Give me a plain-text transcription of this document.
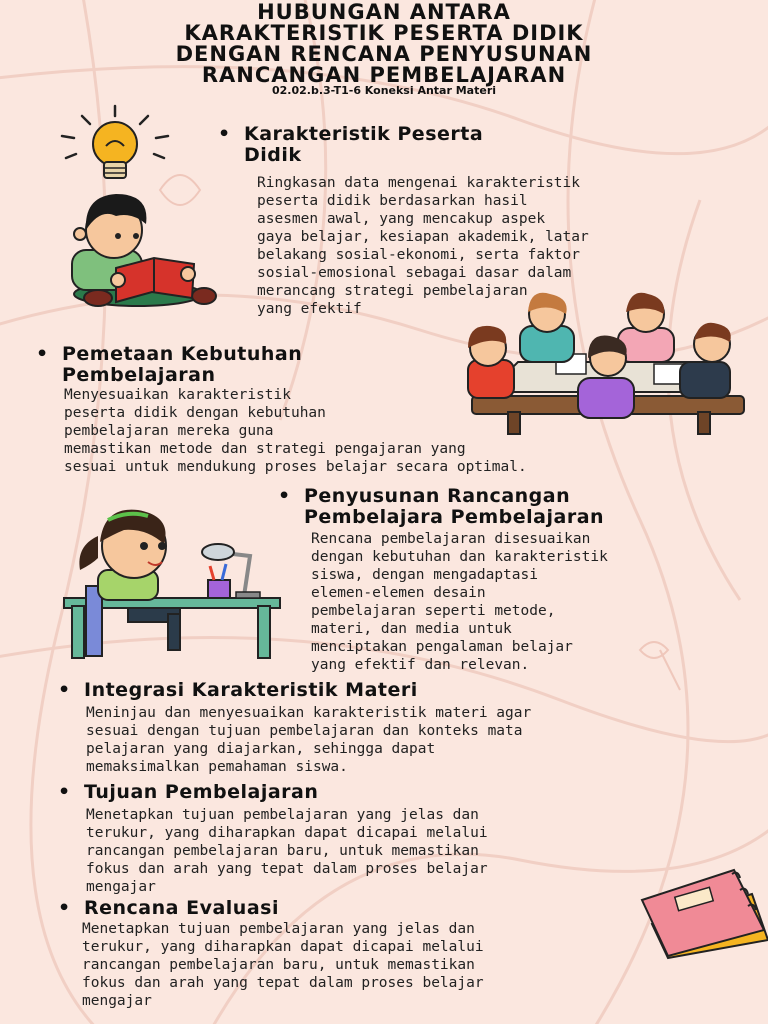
HUBUNGAN ANTARA
KARAKTERISTIK PESERTA DIDIK
DENGAN RENCANA PENYUSUNAN
RANCANGAN PEMBELAJARAN
02.02.b.3-T1-6 Koneksi Antar Materi
• Karakteristik Peserta
Didik
Ringkasan data mengenai karakteristik
peserta didik berdasarkan hasil
asesmen awal, yang mencakup aspek
gaya belajar, kesiapan akademik, latar
belakang sosial-ekonomi, serta faktor
sosial-emosional sebagai dasar dalam
merancang strategi pembelajaran
yang efektif
• Pemetaan Kebutuhan
Pembelajaran
Menyesuaikan karakteristik
peserta didik dengan kebutuhan
pembelajaran mereka guna
memastikan metode dan strategi pengajaran yang
sesuai untuk mendukung proses belajar secara optimal.
• Penyusunan Rancangan
Pembelajara Pembelajaran
Rencana pembelajaran disesuaikan
dengan kebutuhan dan karakteristik
siswa, dengan mengadaptasi
elemen-elemen desain
pembelajaran seperti metode,
materi, dan media untuk
menciptakan pengalaman belajar
yang efektif dan relevan.
• Integrasi Karakteristik Materi
Meninjau dan menyesuaikan karakteristik materi agar
sesuai dengan tujuan pembelajaran dan konteks mata
pelajaran yang diajarkan, sehingga dapat
memaksimalkan pemahaman siswa.
• Tujuan Pembelajaran
Menetapkan tujuan pembelajaran yang jelas dan
terukur, yang diharapkan dapat dicapai melalui
rancangan pembelajaran baru, untuk memastikan
fokus dan arah yang tepat dalam proses belajar
mengajar
• Rencana Evaluasi
Menetapkan tujuan pembelajaran yang jelas dan
terukur, yang diharapkan dapat dicapai melalui
rancangan pembelajaran baru, untuk memastikan
fokus dan arah yang tepat dalam proses belajar
mengajar
